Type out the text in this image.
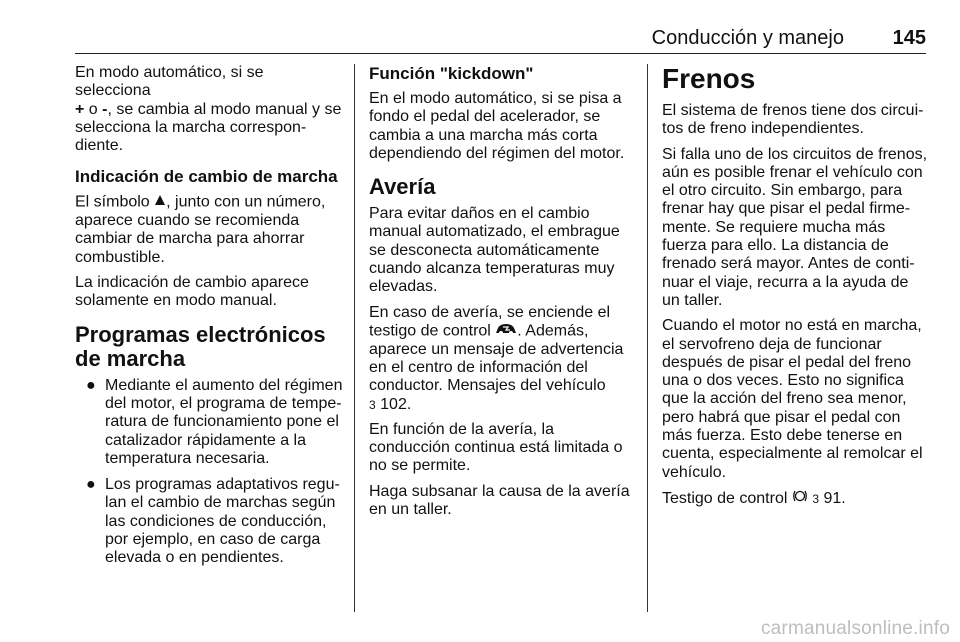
Conducción y manejo 145

En modo automático, si se selecciona
+ o -, se cambia al modo manual y se selecciona la marcha correspon-diente.

Indicación de cambio de marcha

El símbolo , junto con un número, aparece cuando se recomienda cambiar de marcha para ahorrar combustible.

La indicación de cambio aparece solamente en modo manual.

Programas electrónicos de marcha
● Mediante el aumento del régimen del motor, el programa de tempe-ratura de funcionamiento pone el catalizador rápidamente a la temperatura necesaria.
● Los programas adaptativos regu-lan el cambio de marchas según las condiciones de conducción, por ejemplo, en caso de carga elevada o en pendientes.
Función "kickdown"

En el modo automático, si se pisa a fondo el pedal del acelerador, se cambia a una marcha más corta dependiendo del régimen del motor.

Avería

Para evitar daños en el cambio manual automatizado, el embrague se desconecta automáticamente cuando alcanza temperaturas muy elevadas.

En caso de avería, se enciende el testigo de control . Además, aparece un mensaje de advertencia en el centro de información del conductor. Mensajes del vehículo
3 102.

En función de la avería, la conducción continua está limitada o no se permite.

Haga subsanar la causa de la avería en un taller.

Frenos

El sistema de frenos tiene dos circui-tos de freno independientes.

Si falla uno de los circuitos de frenos, aún es posible frenar el vehículo con el otro circuito. Sin embargo, para frenar hay que pisar el pedal firme-mente. Se requiere mucha más fuerza para ello. La distancia de frenado será mayor. Antes de conti-nuar el viaje, recurra a la ayuda de un taller.

Cuando el motor no está en marcha, el servofreno deja de funcionar después de pisar el pedal del freno una o dos veces. Esto no significa que la acción del freno sea menor, pero habrá que pisar el pedal con más fuerza. Esto debe tenerse en cuenta, especialmente al remolcar el vehículo.

Testigo de control  3 91.

carmanualsonline.info
